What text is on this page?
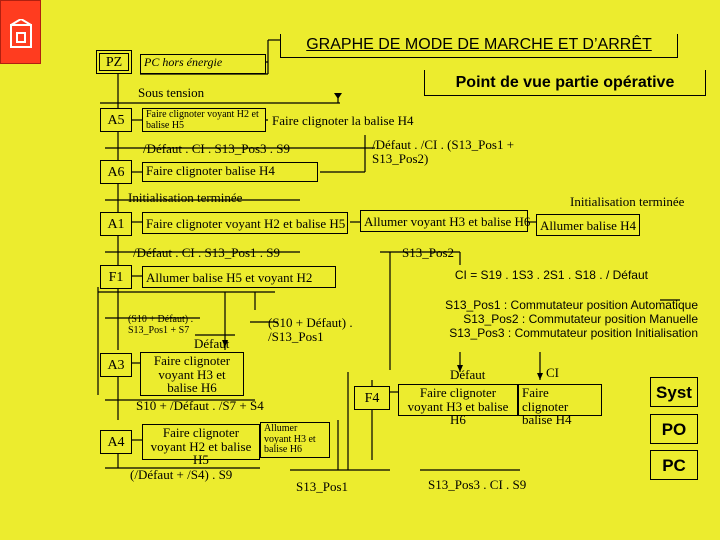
GRAPHE DE MODE DE MARCHE ET D’ARRÊT
Point de vue partie opérative
PZ	PC hors énergie
Sous tension
A5	Faire clignoter voyant H2 et balise H5	Faire clignoter la balise H4
/Défaut . CI . S13_Pos3 . S9	/Défaut . /CI . (S13_Pos1 + S13_Pos2)
A6	Faire clignoter balise H4
Initialisation terminée	Initialisation terminée
A1	Faire clignoter voyant H2 et balise H5	Allumer voyant H3 et balise H6 Allumer balise H4
/Défaut . CI . S13_Pos1 . S9	S13_Pos2
F1	Allumer balise H5 et voyant H2	CI = S19 . 1S3 . 2S1 . S18 . / Défaut
S13_Pos1 : Commutateur position Automatique
S13_Pos2 : Commutateur position Manuelle
S13_Pos3 : Commutateur position Initialisation
(S10 + Défaut) . S13_Pos1 + S7
Défaut
(S10 + Défaut) . /S13_Pos1
A3	Faire clignoter voyant H3 et balise H6
S10 + /Défaut . /S7 + S4
A4
Faire clignoter voyant H2 et balise H5
Allumer voyant H3 et balise H6
(/Défaut + /S4) . S9
S13_Pos1
F4
Défaut	CI
Faire clignoter voyant H3 et balise H6
Faire clignoter balise H4
S13_Pos3 . CI . S9
Syst
PO
PC
